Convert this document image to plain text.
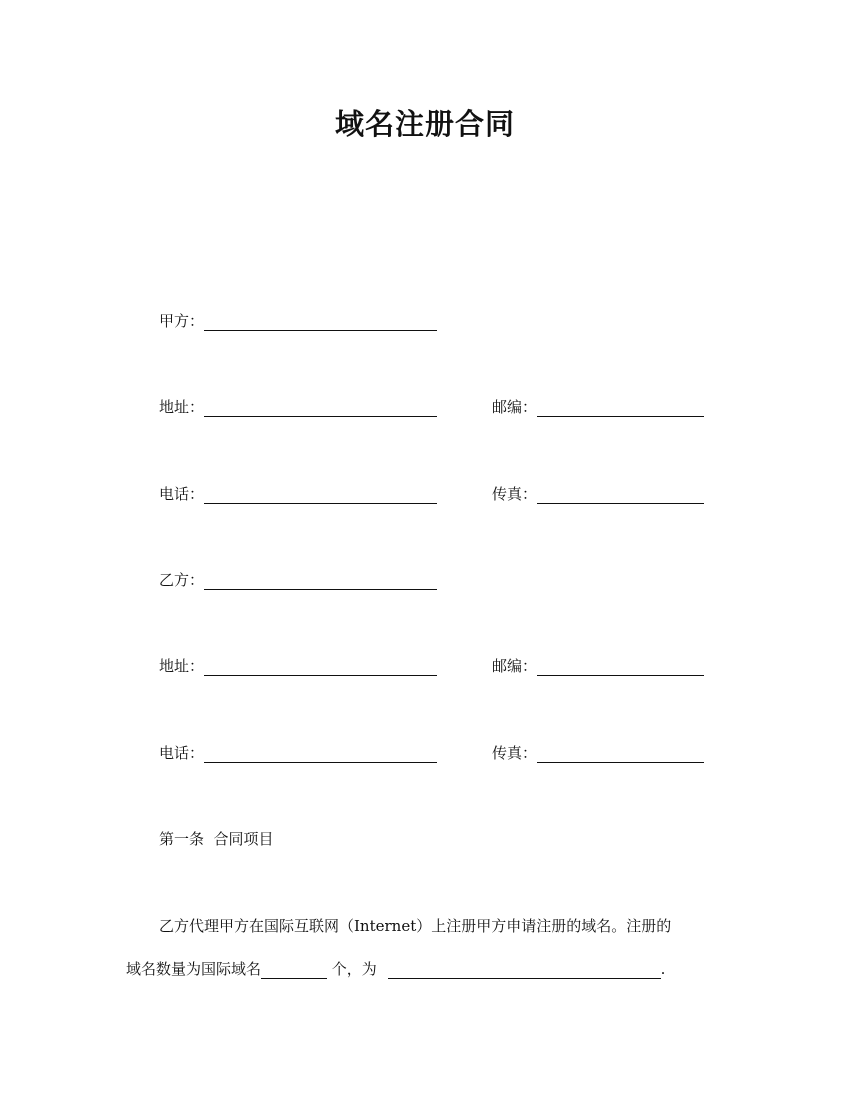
域名注册合同
甲方：
地址：	邮编：
电话：	传真：
乙方：
地址：	邮编：
电话：	传真：
第一条  合同项目
乙方代理甲方在国际互联网（Internet）上注册甲方申请注册的域名。注册的
域名数量为国际域名	个，为	.
